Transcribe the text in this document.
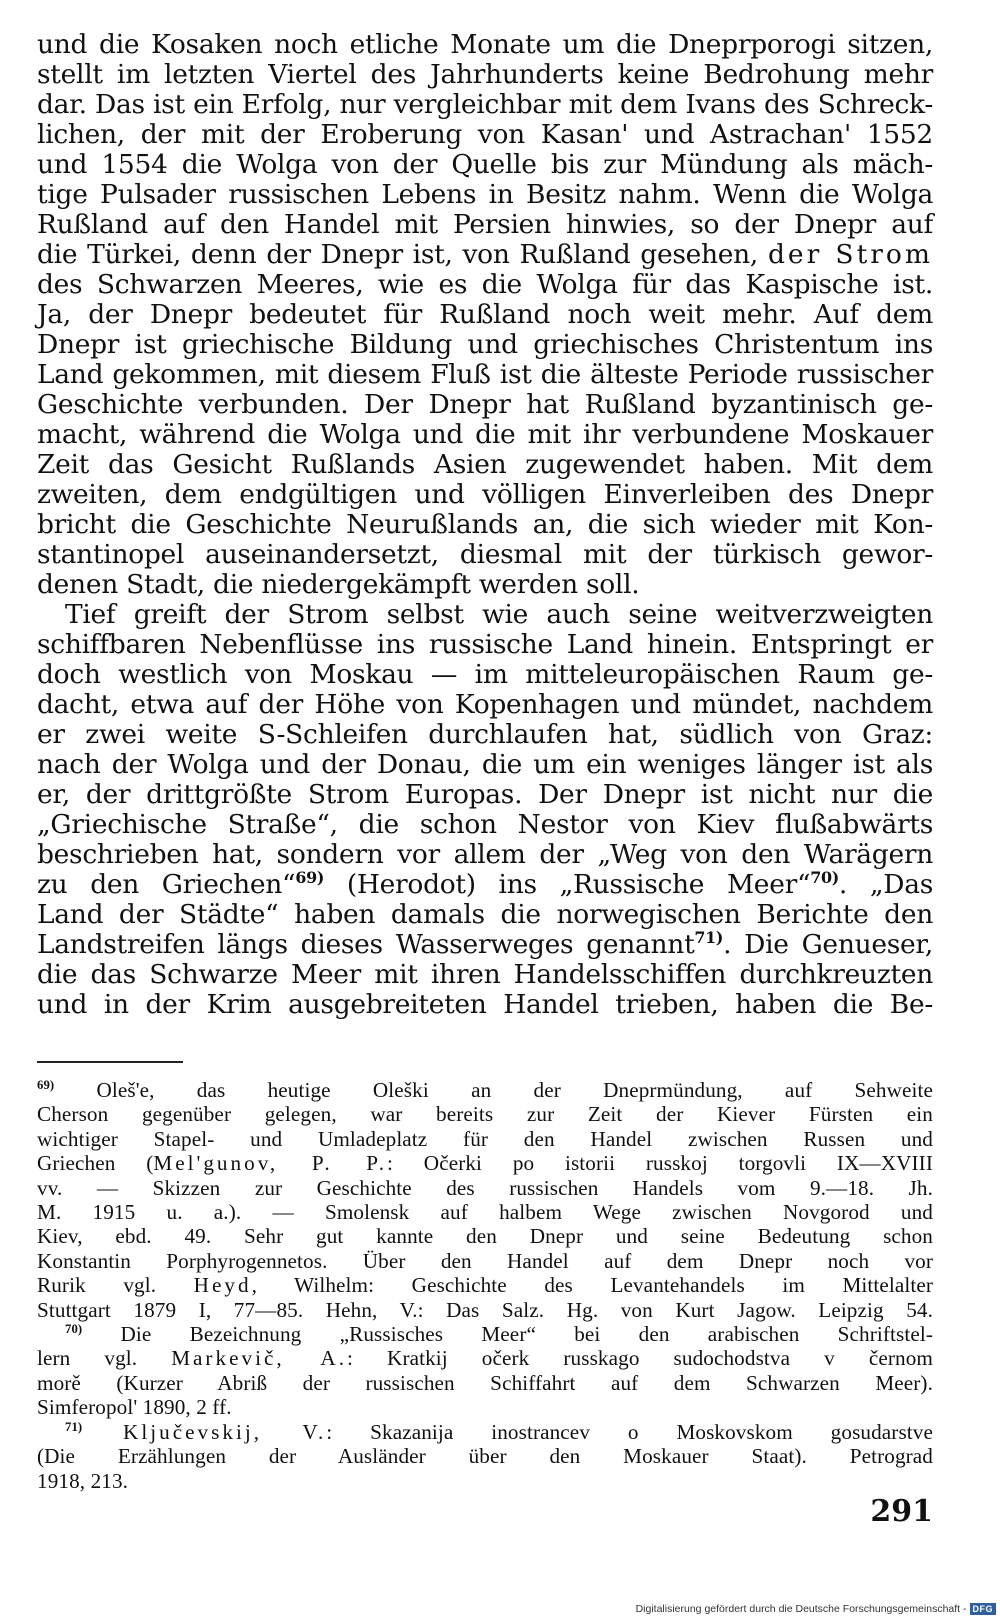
und die Kosaken noch etliche Monate um die Dneprporogi sitzen,
stellt im letzten Viertel des Jahrhunderts keine Bedrohung mehr
dar. Das ist ein Erfolg, nur vergleichbar mit dem Ivans des Schreck-
lichen, der mit der Eroberung von Kasan' und Astrachan' 1552
und 1554 die Wolga von der Quelle bis zur Mündung als mäch-
tige Pulsader russischen Lebens in Besitz nahm. Wenn die Wolga
Rußland auf den Handel mit Persien hinwies, so der Dnepr auf
die Türkei, denn der Dnepr ist, von Rußland gesehen, der Strom
des Schwarzen Meeres, wie es die Wolga für das Kaspische ist.
Ja, der Dnepr bedeutet für Rußland noch weit mehr. Auf dem
Dnepr ist griechische Bildung und griechisches Christentum ins
Land gekommen, mit diesem Fluß ist die älteste Periode russischer
Geschichte verbunden. Der Dnepr hat Rußland byzantinisch ge-
macht, während die Wolga und die mit ihr verbundene Moskauer
Zeit das Gesicht Rußlands Asien zugewendet haben. Mit dem
zweiten, dem endgültigen und völligen Einverleiben des Dnepr
bricht die Geschichte Neurußlands an, die sich wieder mit Kon-
stantinopel auseinandersetzt, diesmal mit der türkisch gewor-
denen Stadt, die niedergekämpft werden soll.
Tief greift der Strom selbst wie auch seine weitverzweigten
schiffbaren Nebenflüsse ins russische Land hinein. Entspringt er
doch westlich von Moskau — im mitteleuropäischen Raum ge-
dacht, etwa auf der Höhe von Kopenhagen und mündet, nachdem
er zwei weite S-Schleifen durchlaufen hat, südlich von Graz:
nach der Wolga und der Donau, die um ein weniges länger ist als
er, der drittgrößte Strom Europas. Der Dnepr ist nicht nur die
„Griechische Straße“, die schon Nestor von Kiev flußabwärts
beschrieben hat, sondern vor allem der „Weg von den Warägern
zu den Griechen“$^{69)}$ (Herodot) ins „Russische Meer“$^{70)}$. „Das
Land der Städte“ haben damals die norwegischen Berichte den
Landstreifen längs dieses Wasserweges genannt$^{71)}$. Die Genueser,
die das Schwarze Meer mit ihren Handelsschiffen durchkreuzten
und in der Krim ausgebreiteten Handel trieben, haben die Be-
$^{69)}$ Oleš'e, das heutige Oleški an der Dneprmündung, auf Sehweite
Cherson gegenüber gelegen, war bereits zur Zeit der Kiever Fürsten ein
wichtiger Stapel- und Umladeplatz für den Handel zwischen Russen und
Griechen (Mel'gunov, P. P.: Očerki po istorii russkoj torgovli IX—XVIII
vv. — Skizzen zur Geschichte des russischen Handels vom 9.—18. Jh.
M. 1915 u. a.). — Smolensk auf halbem Wege zwischen Novgorod und
Kiev, ebd. 49. Sehr gut kannte den Dnepr und seine Bedeutung schon
Konstantin Porphyrogennetos. Über den Handel auf dem Dnepr noch vor
Rurik vgl. Heyd, Wilhelm: Geschichte des Levantehandels im Mittelalter
Stuttgart 1879 I, 77—85. Hehn, V.: Das Salz. Hg. von Kurt Jagow. Leipzig 54.
$^{70)}$ Die Bezeichnung „Russisches Meer“ bei den arabischen Schriftstel-
lern vgl. Markevič, A.: Kratkij očerk russkago sudochodstva v černom
morě (Kurzer Abriß der russischen Schiffahrt auf dem Schwarzen Meer).
Simferopol' 1890, 2 ff.
$^{71)}$ Ključevskij, V.: Skazanija inostrancev o Moskovskom gosudarstve
(Die Erzählungen der Ausländer über den Moskauer Staat). Petrograd
1918, 213.
291
Digitalisierung gefördert durch die Deutsche Forschungsgemeinschaft - DFG
